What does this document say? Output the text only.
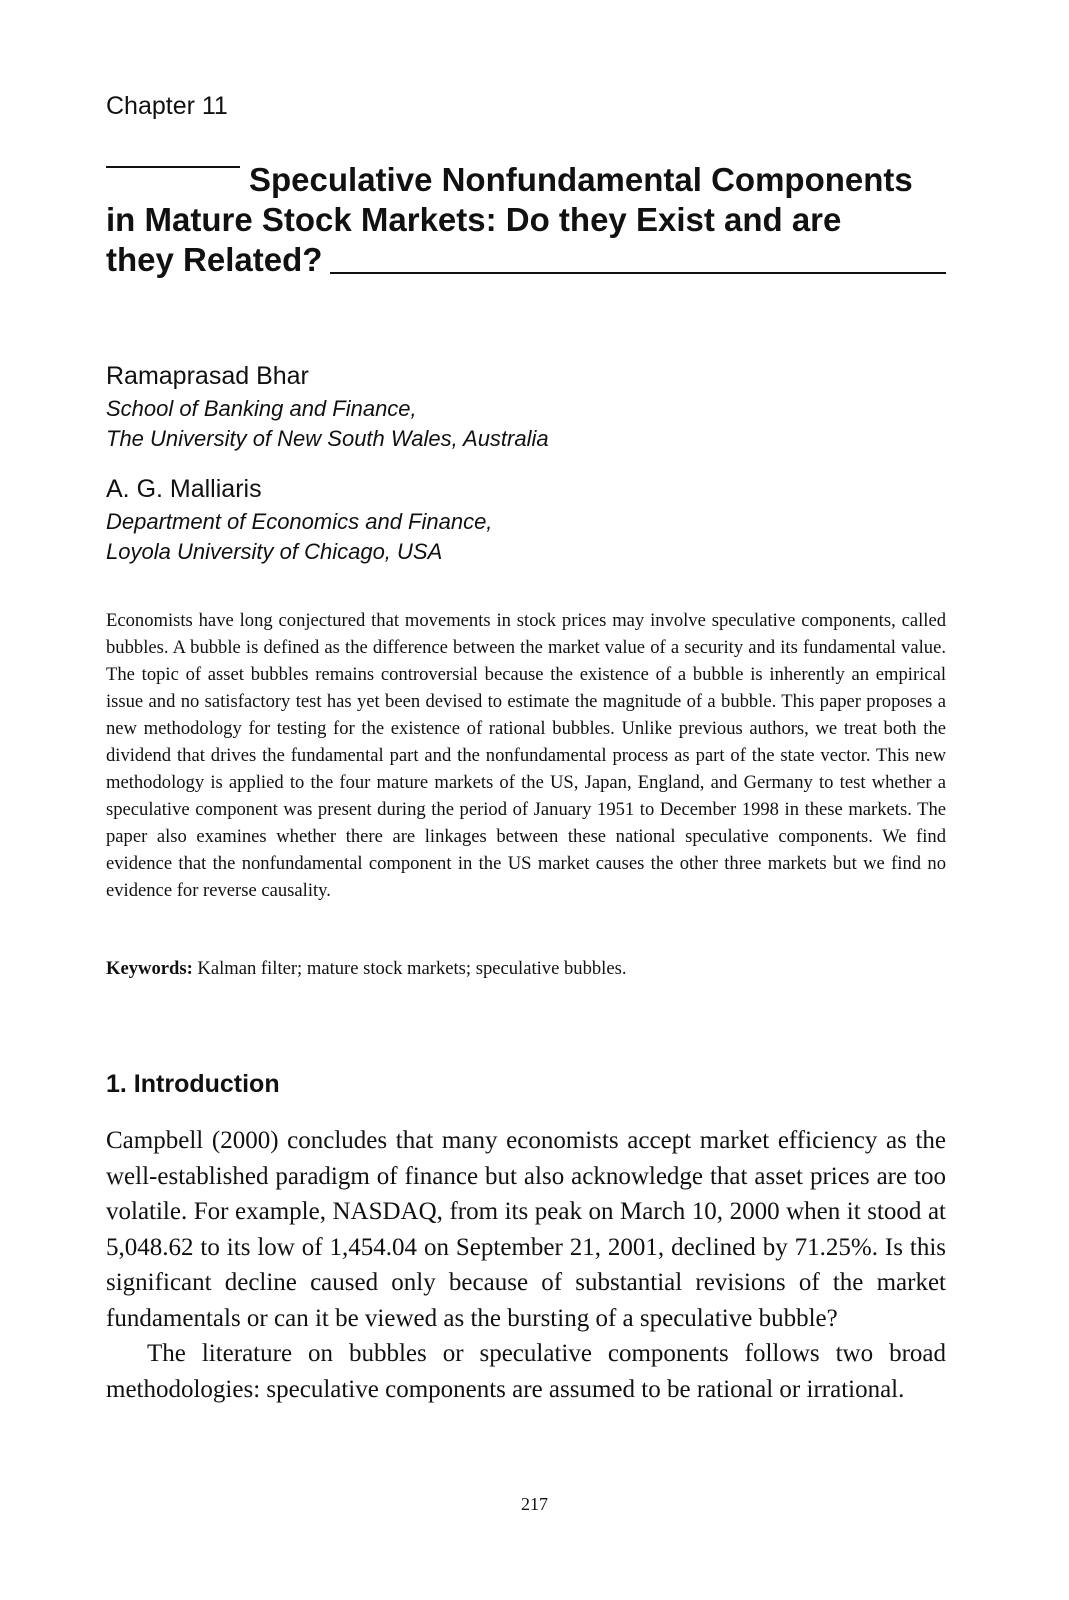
Chapter 11
Speculative Nonfundamental Components
in Mature Stock Markets: Do they Exist and are
they Related?
Ramaprasad Bhar
School of Banking and Finance,
The University of New South Wales, Australia
A. G. Malliaris
Department of Economics and Finance,
Loyola University of Chicago, USA

Economists have long conjectured that movements in stock prices may involve speculative components, called bubbles. A bubble is defined as the difference between the market value of a security and its fundamental value. The topic of asset bubbles remains controversial because the existence of a bubble is inherently an empirical issue and no satisfactory test has yet been devised to estimate the magnitude of a bubble. This paper proposes a new methodology for testing for the existence of rational bubbles. Unlike previous authors, we treat both the dividend that drives the fundamental part and the nonfundamental process as part of the state vector. This new methodology is applied to the four mature markets of the US, Japan, England, and Germany to test whether a speculative component was present during the period of January 1951 to December 1998 in these markets. The paper also examines whether there are linkages between these national speculative components. We find evidence that the nonfundamental component in the US market causes the other three markets but we find no evidence for reverse causality.

Keywords: Kalman filter; mature stock markets; speculative bubbles.
1. Introduction

Campbell (2000) concludes that many economists accept market efficiency as the well-established paradigm of finance but also acknowledge that asset prices are too volatile. For example, NASDAQ, from its peak on March 10, 2000 when it stood at 5,048.62 to its low of 1,454.04 on September 21, 2001, declined by 71.25%. Is this significant decline caused only because of substantial revisions of the market fundamentals or can it be viewed as the bursting of a speculative bubble?

The literature on bubbles or speculative components follows two broad methodologies: speculative components are assumed to be rational or irrational.

217
